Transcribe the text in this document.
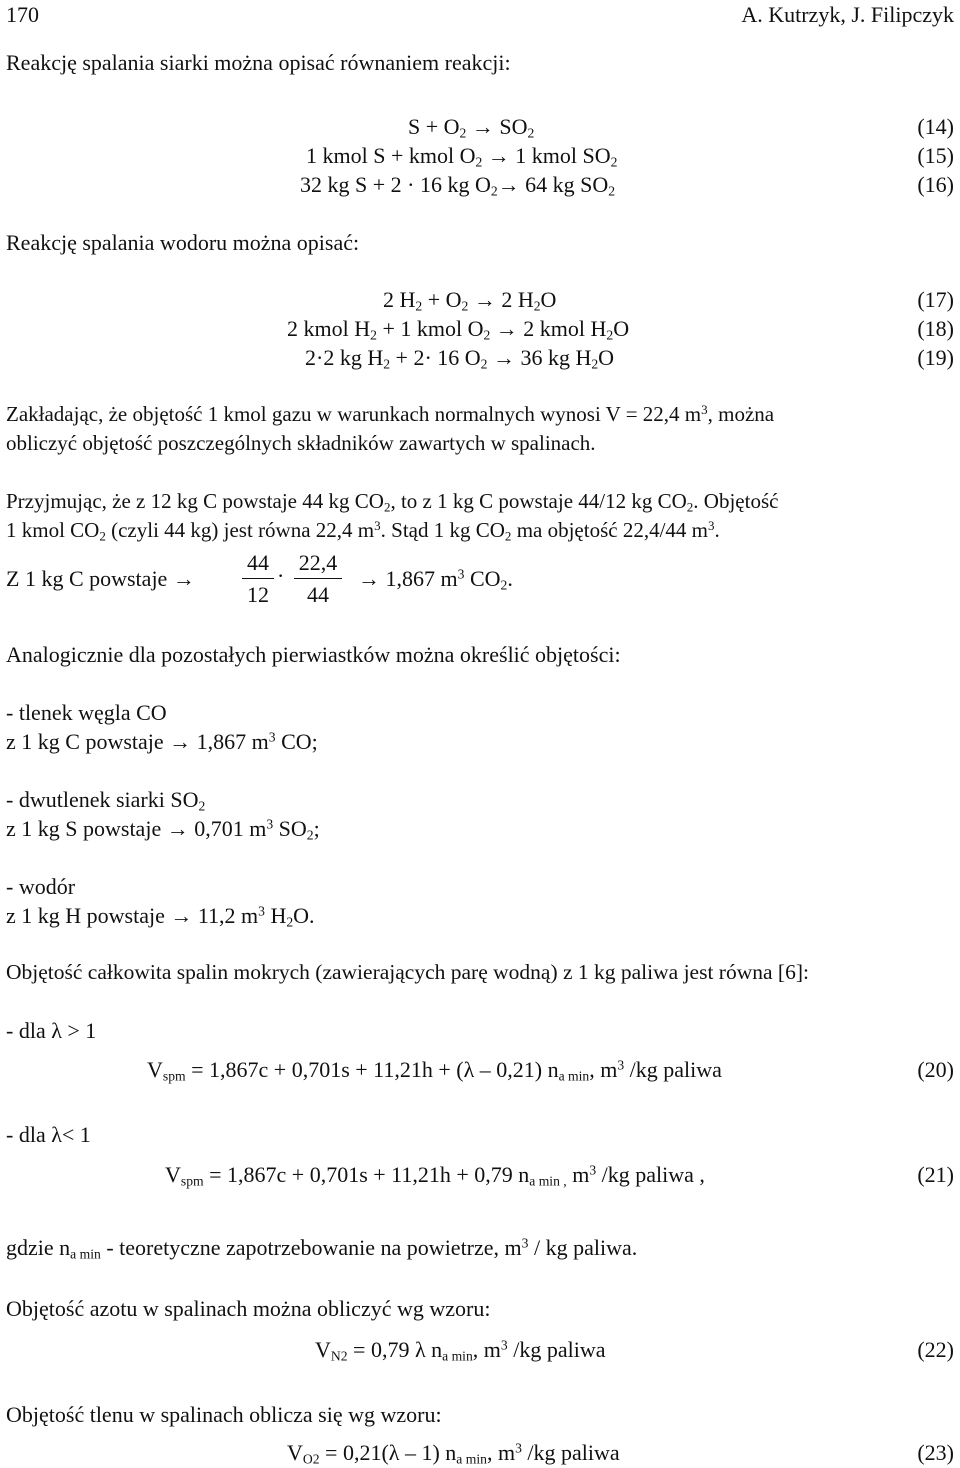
170	A. Kutrzyk, J. Filipczyk
Reakcję spalania siarki można opisać równaniem reakcji:
$S + O_2 \to SO_2$	(14)
1 kmol S + kmol $O_2 \to 1$ kmol $SO_2$	(15)
32 kg S + 2 · 16 kg $O_2\to 64$ kg $SO_2$	(16)
Reakcję spalania wodoru można opisać:
2 $H_2 + O_2 \to 2$ $H_2O$	(17)
2 kmol $H_2 + 1$ kmol $O_2 \to 2$ kmol $H_2O$	(18)
2·2 kg $H_2 + 2\cdot 16$ $O_2 \to 36$ kg $H_2O$	(19)
Zakładając, że objętość 1 kmol gazu w warunkach normalnych wynosi V = 22,4 $m^3$, można
obliczyć objętość poszczególnych składników zawartych w spalinach.
Przyjmując, że z 12 kg C powstaje 44 kg $CO_2$, to z 1 kg C powstaje 44/12 kg $CO_2$. Objętość
1 kmol $CO_2$ (czyli 44 kg) jest równa 22,4 $m^3$. Stąd 1 kg $CO_2$ ma objętość 22,4/44 $m^3$.
Z 1 kg C powstaje →
44
12
·
22,4
44
→ 1,867 $m^3$ $CO_2$.
Analogicznie dla pozostałych pierwiastków można określić objętości:
- tlenek węgla CO
z 1 kg C powstaje → 1,867 $m^3$ CO;
- dwutlenek siarki $SO_2$
z 1 kg S powstaje → 0,701 $m^3$ $SO_2$;
- wodór
z 1 kg H powstaje → 11,2 $m^3$ $H_2O$.
Objętość całkowita spalin mokrych (zawierających parę wodną) z 1 kg paliwa jest równa [6]:
- dla λ > 1
$V_{spm} = 1,867c + 0,701s + 11,21h + (\lambda - 0,21)$ $n_{a min}$, $m^3$ /kg paliwa	(20)
- dla λ< 1
$V_{spm} = 1,867c + 0,701s + 11,21h + 0,79$ $n_{a min ,}$ $m^3$ /kg paliwa ,	(21)
gdzie $n_{a min}$ - teoretyczne zapotrzebowanie na powietrze, $m^3$ / kg paliwa.
Objętość azotu w spalinach można obliczyć wg wzoru:
$V_{N2} = 0,79$ λ $n_{a min}$, $m^3$ /kg paliwa	(22)
Objętość tlenu w spalinach oblicza się wg wzoru:
$V_{O2} = 0,21(\lambda - 1)$ $n_{a min}$, $m^3$ /kg paliwa	(23)
